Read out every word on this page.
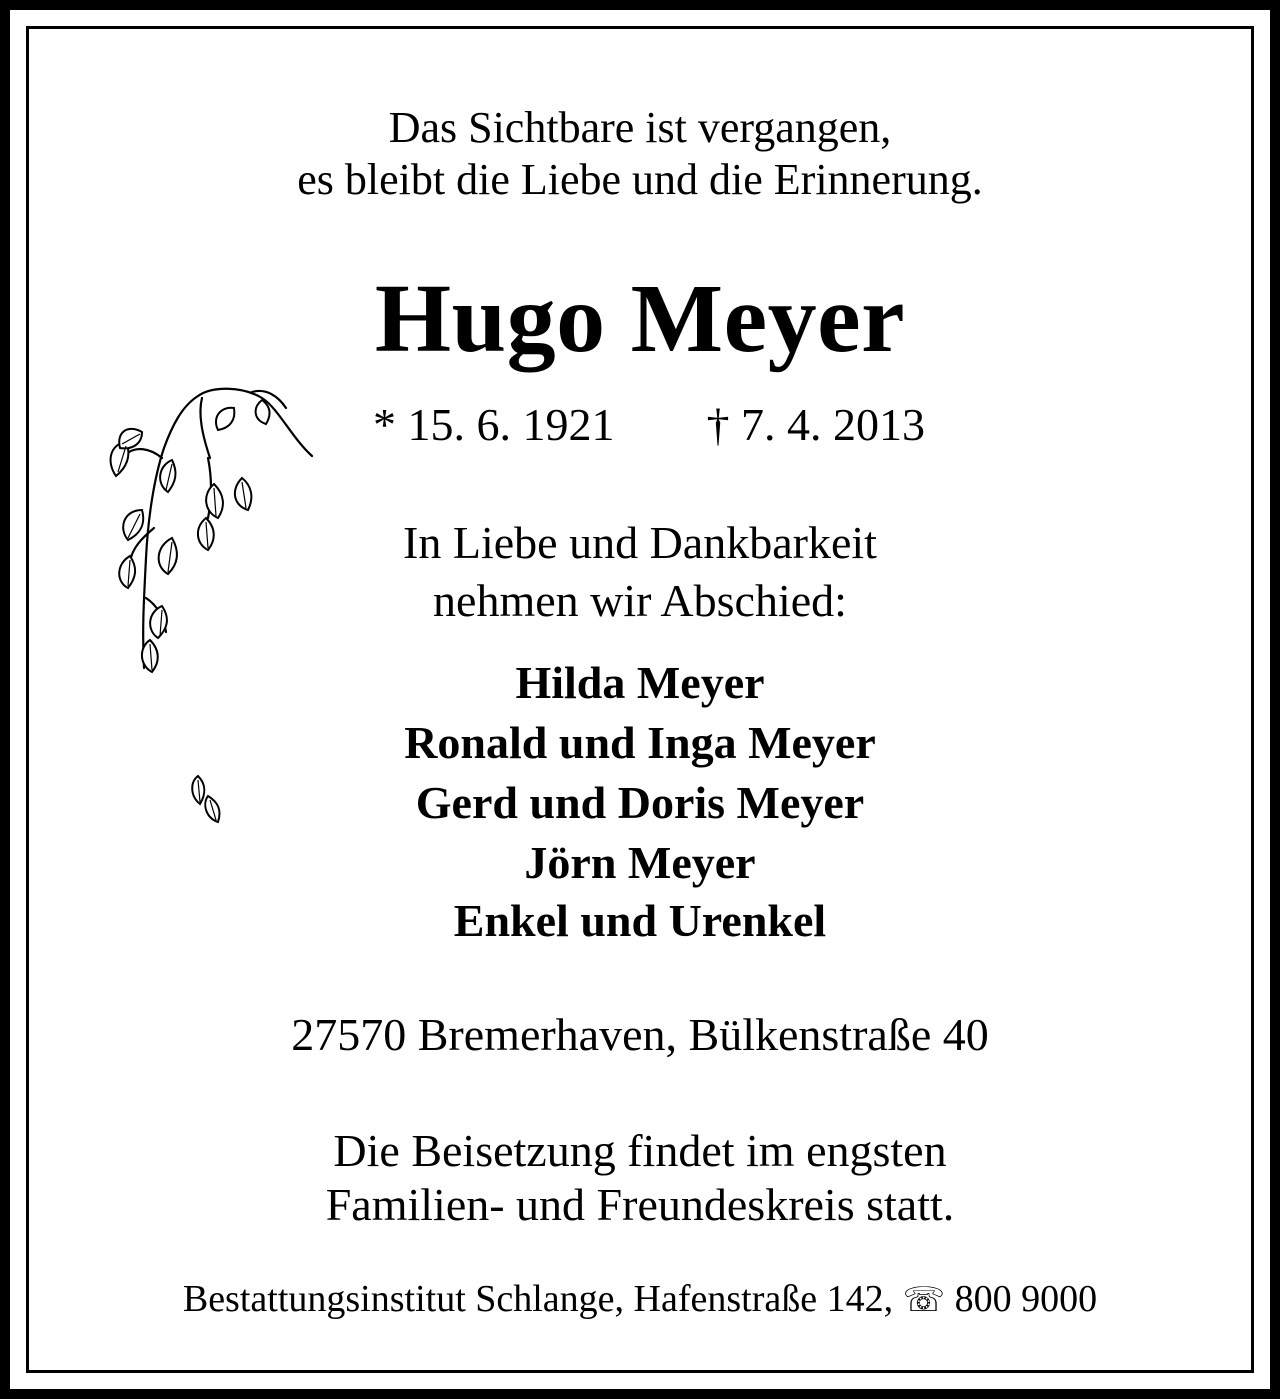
Das Sichtbare ist vergangen,
es bleibt die Liebe und die Erinnerung.
Hugo Meyer
* 15. 6. 1921 † 7. 4. 2013
In Liebe und Dankbarkeit
nehmen wir Abschied:
Hilda Meyer
Ronald und Inga Meyer
Gerd und Doris Meyer
Jörn Meyer
Enkel und Urenkel
27570 Bremerhaven, Bülkenstraße 40
Die Beisetzung findet im engsten
Familien- und Freundeskreis statt.
Bestattungsinstitut Schlange, Hafenstraße 142, ☏ 800 9000
